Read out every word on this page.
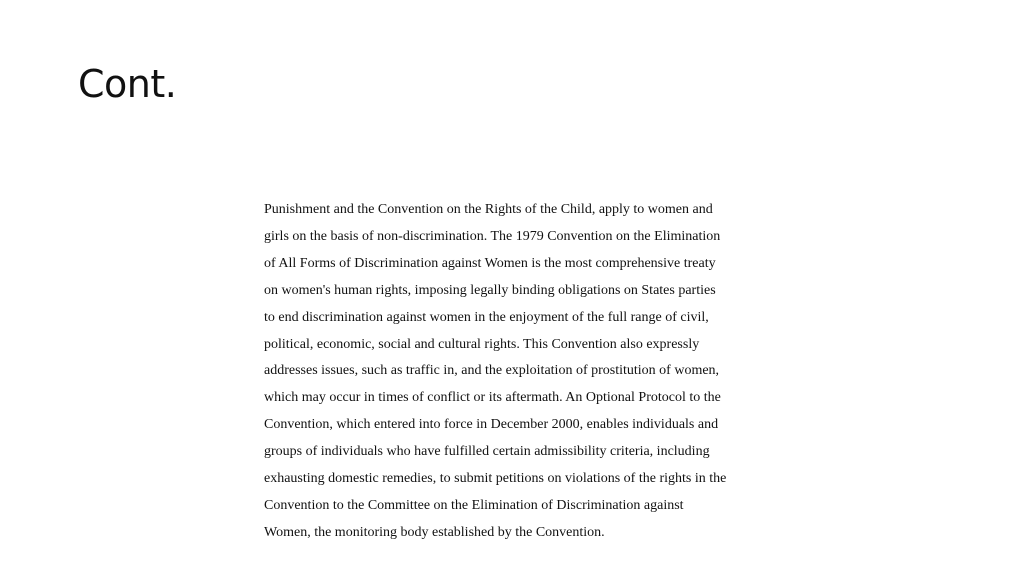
Cont.
Punishment and the Convention on the Rights of the Child, apply to women and
girls on the basis of non-discrimination. The 1979 Convention on the Elimination
of All Forms of Discrimination against Women is the most comprehensive treaty
on women's human rights, imposing legally binding obligations on States parties
to end discrimination against women in the enjoyment of the full range of civil,
political, economic, social and cultural rights. This Convention also expressly
addresses issues, such as traffic in, and the exploitation of prostitution of women,
which may occur in times of conflict or its aftermath. An Optional Protocol to the
Convention, which entered into force in December 2000, enables individuals and
groups of individuals who have fulfilled certain admissibility criteria, including
exhausting domestic remedies, to submit petitions on violations of the rights in the
Convention to the Committee on the Elimination of Discrimination against
Women, the monitoring body established by the Convention.
